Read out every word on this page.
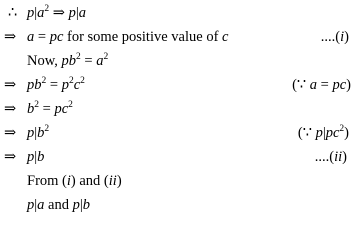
∴ $p|a^2$ ⇒ p|a
⇒ a = pc for some positive value of c	....(i)
Now, $pb^2 = a^2$
⇒ $pb^2 = p^2c^2$	(∵ a = pc)
⇒ $b^2 = pc^2$
⇒ $p|b^2$	(∵ $p|pc^2$)
⇒ p|b	....(ii)
From (i) and (ii)
p|a and p|b
